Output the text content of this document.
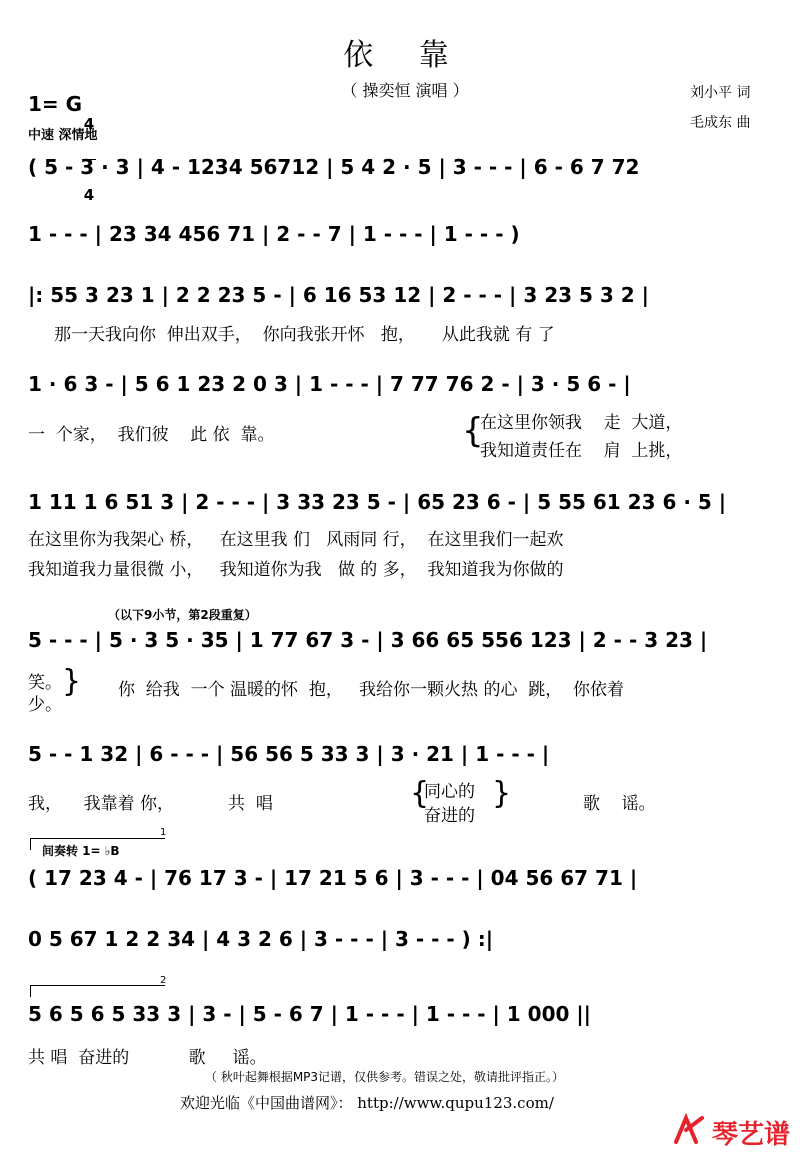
依 靠
（ 操奕恒 演唱 ）	刘小平 词
毛成东 曲
1= G

4

4

中速 深情地
( 5 - 3 · 3 | 4 - 1234 56712 | 5 4 2 · 5 | 3 - - - | 6 - 6 7 72
1 - - - | 23 34 456 71 | 2 - - 7 | 1 - - - | 1 - - - )
|: 55 3 23 1 | 2 2 23 5 - | 6 16 53 12 | 2 - - - | 3 23 5 3 2 |
那一天我向你  伸出双手，  你向我张开怀   抱，     从此我就 有 了
1 · 6 3 - | 5 6 1 23 2 0 3 | 1 - - - | 7 77 76 2 - | 3 · 5 6 - |
一  个家，  我们彼    此 依  靠。
在这里你领我    走  大道，
我知道责任在    肩  上挑，
{
1 11 1 6 51 3 | 2 - - - | 3 33 23 5 - | 65 23 6 - | 5 55 61 23 6 · 5 |
在这里你为我架心 桥，   在这里我 们   风雨同 行，  在这里我们一起欢
我知道我力量很微 小，   我知道你为我   做 的 多，  我知道我为你做的
（以下9小节，第2段重复）
5 - - - | 5 · 3 5 · 35 | 1 77 67 3 - | 3 66 65 556 123 | 2 - - 3 23 |
笑。
少。
} 你  给我  一个 温暖的怀  抱，   我给你一颗火热 的心  跳，  你依着
5 - - 1 32 | 6 - - - | 56 56 5 33 3 | 3 · 21 | 1 - - - |
我，    我靠着 你，          共  唱	{
同心的
奋进的
}	歌    谣。
1
间奏转 1= ♭B
( 17 23 4 - | 76 17 3 - | 17 21 5 6 | 3 - - - | 04 56 67 71 |
0 5 67 1 2 2 34 | 4 3 2 6 | 3 - - - | 3 - - - ) :|
2
5 6 5 6 5 33 3 | 3 - | 5 - 6 7 | 1 - - - | 1 - - - | 1 000 ||
共 唱  奋进的           歌     谣。
（ 秋叶起舞根据MP3记谱，仅供参考。错误之处，敬请批评指正。）
欢迎光临《中国曲谱网》： http://www.qupu123.com/
琴艺谱
